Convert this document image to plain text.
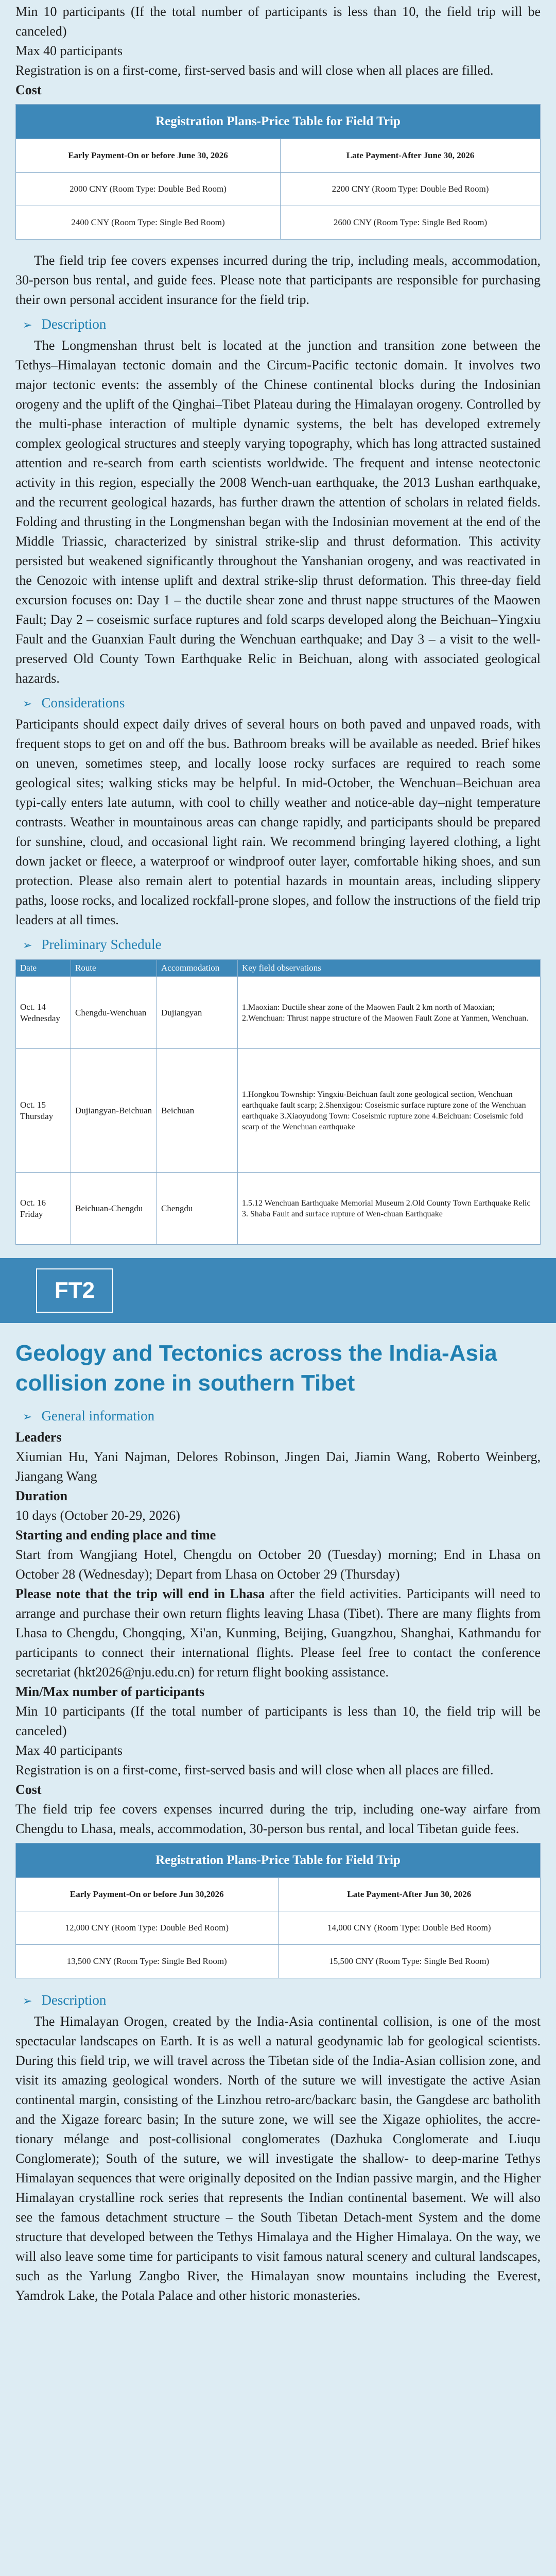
Min 10 participants (If the total number of participants is less than 10, the field trip will be canceled)

Max 40 participants

Registration is on a first-come, first-served basis and will close when all places are filled.

Cost

Registration Plans-Price Table for Field Trip	
Early Payment-On or before June 30, 2026	Late Payment-After June 30, 2026
2000 CNY (Room Type: Double Bed Room)	2200 CNY (Room Type: Double Bed Room)
2400 CNY (Room Type: Single Bed Room)	2600 CNY (Room Type: Single Bed Room)

The field trip fee covers expenses incurred during the trip, including meals, accommodation, 30-person bus rental, and guide fees. Please note that participants are responsible for purchasing their own personal accident insurance for the field trip.

➢ Description

The Longmenshan thrust belt is located at the junction and transition zone between the Tethys–Himalayan tectonic domain and the Circum-Pacific tectonic domain. It involves two major tectonic events: the assembly of the Chinese continental blocks during the Indosinian orogeny and the uplift of the Qinghai–Tibet Plateau during the Himalayan orogeny. Controlled by the multi-phase interaction of multiple dynamic systems, the belt has developed extremely complex geological structures and steeply varying topography, which has long attracted sustained attention and re-search from earth scientists worldwide. The frequent and intense neotectonic activity in this region, especially the 2008 Wench-uan earthquake, the 2013 Lushan earthquake, and the recurrent geological hazards, has further drawn the attention of scholars in related fields. Folding and thrusting in the Longmenshan began with the Indosinian movement at the end of the Middle Triassic, characterized by sinistral strike-slip and thrust deformation. This activity persisted but weakened significantly throughout the Yanshanian orogeny, and was reactivated in the Cenozoic with intense uplift and dextral strike-slip thrust deformation. This three-day field excursion focuses on: Day 1 – the ductile shear zone and thrust nappe structures of the Maowen Fault; Day 2 – coseismic surface ruptures and fold scarps developed along the Beichuan–Yingxiu Fault and the Guanxian Fault during the Wenchuan earthquake; and Day 3 – a visit to the well-preserved Old County Town Earthquake Relic in Beichuan, along with associated geological hazards.

➢ Considerations

Participants should expect daily drives of several hours on both paved and unpaved roads, with frequent stops to get on and off the bus. Bathroom breaks will be available as needed. Brief hikes on uneven, sometimes steep, and locally loose rocky surfaces are required to reach some geological sites; walking sticks may be helpful. In mid-October, the Wenchuan–Beichuan area typi-cally enters late autumn, with cool to chilly weather and notice-able day–night temperature contrasts. Weather in mountainous areas can change rapidly, and participants should be prepared for sunshine, cloud, and occasional light rain. We recommend bringing layered clothing, a light down jacket or fleece, a waterproof or windproof outer layer, comfortable hiking shoes, and sun protection. Please also remain alert to potential hazards in mountain areas, including slippery paths, loose rocks, and localized rockfall-prone slopes, and follow the instructions of the field trip leaders at all times.

➢ Preliminary Schedule
Date	Route	Accommodation	Key field observations
Oct. 14 Wednesday	Chengdu-Wenchuan	Dujiangyan	1.Maoxian: Ductile shear zone of the Maowen Fault 2 km north of Maoxian; 2.Wenchuan: Thrust nappe structure of the Maowen Fault Zone at Yanmen, Wenchuan.
Oct. 15 Thursday	Dujiangyan-Beichuan	Beichuan	1.Hongkou Township: Yingxiu-Beichuan fault zone geological section, Wenchuan earthquake fault scarp; 2.Shenxigou: Coseismic surface rupture zone of the Wenchuan earthquake 3.Xiaoyudong Town: Coseismic rupture zone 4.Beichuan: Coseismic fold scarp of the Wenchuan earthquake
Oct. 16 Friday	Beichuan-Chengdu	Chengdu	1.5.12 Wenchuan Earthquake Memorial Museum 2.Old County Town Earthquake Relic 3. Shaba Fault and surface rupture of Wen-chuan Earthquake
FT2
Geology and Tectonics across the India-Asia collision zone in southern Tibet
➢ General information

Leaders

Xiumian Hu, Yani Najman, Delores Robinson, Jingen Dai, Jiamin Wang, Roberto Weinberg, Jiangang Wang

Duration

10 days (October 20-29, 2026)

Starting and ending place and time

Start from Wangjiang Hotel, Chengdu on October 20 (Tuesday) morning; End in Lhasa on October 28 (Wednesday); Depart from Lhasa on October 29 (Thursday)

Please note that the trip will end in Lhasa after the field activities. Participants will need to arrange and purchase their own return flights leaving Lhasa (Tibet). There are many flights from Lhasa to Chengdu, Chongqing, Xi'an, Kunming, Beijing, Guangzhou, Shanghai, Kathmandu for participants to connect their international flights. Please feel free to contact the conference secretariat (hkt2026@nju.edu.cn) for return flight booking assistance.

Min/Max number of participants

Min 10 participants (If the total number of participants is less than 10, the field trip will be canceled)

Max 40 participants

Registration is on a first-come, first-served basis and will close when all places are filled.

Cost

The field trip fee covers expenses incurred during the trip, including one-way airfare from Chengdu to Lhasa, meals, accommodation, 30-person bus rental, and local Tibetan guide fees.

Registration Plans-Price Table for Field Trip	
Early Payment-On or before Jun 30,2026	Late Payment-After Jun 30, 2026
12,000 CNY (Room Type: Double Bed Room)	14,000 CNY (Room Type: Double Bed Room)
13,500 CNY (Room Type: Single Bed Room)	15,500 CNY (Room Type: Single Bed Room)
➢ Description

The Himalayan Orogen, created by the India-Asia continental collision, is one of the most spectacular landscapes on Earth. It is as well a natural geodynamic lab for geological scientists. During this field trip, we will travel across the Tibetan side of the India-Asian collision zone, and visit its amazing geological wonders. North of the suture we will investigate the active Asian continental margin, consisting of the Linzhou retro-arc/backarc basin, the Gangdese arc batholith and the Xigaze forearc basin; In the suture zone, we will see the Xigaze ophiolites, the accre-tionary mélange and post-collisional conglomerates (Dazhuka Conglomerate and Liuqu Conglomerate); South of the suture, we will investigate the shallow- to deep-marine Tethys Himalayan sequences that were originally deposited on the Indian passive margin, and the Higher Himalayan crystalline rock series that represents the Indian continental basement. We will also see the famous detachment structure – the South Tibetan Detach-ment System and the dome structure that developed between the Tethys Himalaya and the Higher Himalaya. On the way, we will also leave some time for participants to visit famous natural scenery and cultural landscapes, such as the Yarlung Zangbo River, the Himalayan snow mountains including the Everest, Yamdrok Lake, the Potala Palace and other historic monasteries.
